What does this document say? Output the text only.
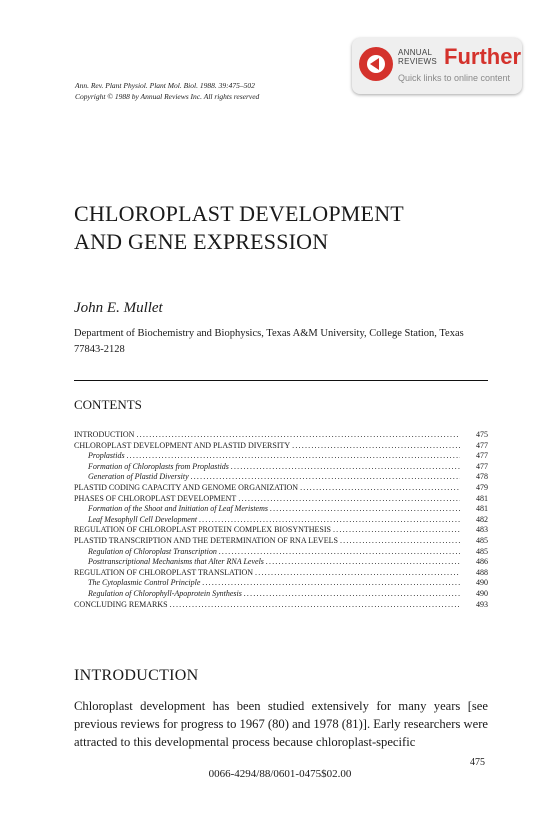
ANNUAL
REVIEWS Further
Quick links to online content
Ann. Rev. Plant Physiol. Plant Mol. Biol. 1988. 39:475–502
Copyright © 1988 by Annual Reviews Inc. All rights reserved
CHLOROPLAST DEVELOPMENT
AND GENE EXPRESSION
John E. Mullet
Department of Biochemistry and Biophysics, Texas A&M University, College Station, Texas 77843-2128
CONTENTS
INTRODUCTION .....	475
CHLOROPLAST DEVELOPMENT AND PLASTID DIVERSITY .....	477
Proplastids .....	477
Formation of Chloroplasts from Proplastids .....	477
Generation of Plastid Diversity .....	478
PLASTID CODING CAPACITY AND GENOME ORGANIZATION .....	479
PHASES OF CHLOROPLAST DEVELOPMENT .....	481
Formation of the Shoot and Initiation of Leaf Meristems .....	481
Leaf Mesophyll Cell Development .....	482
REGULATION OF CHLOROPLAST PROTEIN COMPLEX BIOSYNTHESIS .....	483
PLASTID TRANSCRIPTION AND THE DETERMINATION OF RNA LEVELS .....	485
Regulation of Chloroplast Transcription .....	485
Posttranscriptional Mechanisms that Alter RNA Levels .....	486
REGULATION OF CHLOROPLAST TRANSLATION .....	488
The Cytoplasmic Control Principle .....	490
Regulation of Chlorophyll-Apoprotein Synthesis .....	490
CONCLUDING REMARKS .....	493
INTRODUCTION
Chloroplast development has been studied extensively for many years [see previous reviews for progress to 1967 (80) and 1978 (81)]. Early researchers were attracted to this developmental process because chloroplast-specific
475
0066-4294/88/0601-0475$02.00
